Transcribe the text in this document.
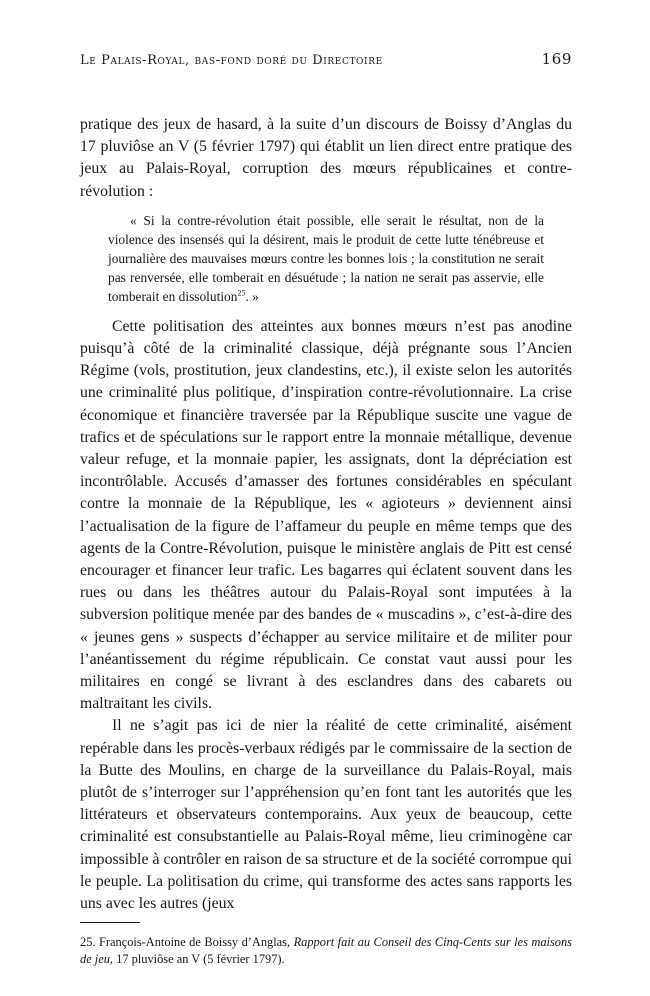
Le Palais-Royal, bas-fond doré du Directoire	169

pratique des jeux de hasard, à la suite d’un discours de Boissy d’Anglas du 17 pluviôse an V (5 février 1797) qui établit un lien direct entre pratique des jeux au Palais-Royal, corruption des mœurs républicaines et contre-révolution :

« Si la contre-révolution était possible, elle serait le résultat, non de la violence des insensés qui la désirent, mais le produit de cette lutte ténébreuse et journalière des mauvaises mœurs contre les bonnes lois ; la constitution ne serait pas renversée, elle tomberait en désuétude ; la nation ne serait pas asservie, elle tomberait en dissolution$^{25}$. »

Cette politisation des atteintes aux bonnes mœurs n’est pas anodine puisqu’à côté de la criminalité classique, déjà prégnante sous l’Ancien Régime (vols, prostitution, jeux clandestins, etc.), il existe selon les autorités une criminalité plus politique, d’inspiration contre-révolutionnaire. La crise économique et financière traversée par la République suscite une vague de trafics et de spéculations sur le rapport entre la monnaie métallique, devenue valeur refuge, et la monnaie papier, les assignats, dont la dépréciation est incontrôlable. Accusés d’amasser des fortunes considérables en spéculant contre la monnaie de la République, les « agioteurs » deviennent ainsi l’actualisation de la figure de l’affameur du peuple en même temps que des agents de la Contre-Révolution, puisque le ministère anglais de Pitt est censé encourager et financer leur trafic. Les bagarres qui éclatent souvent dans les rues ou dans les théâtres autour du Palais-Royal sont imputées à la subversion politique menée par des bandes de « muscadins », c’est-à-dire des « jeunes gens » suspects d’échapper au service militaire et de militer pour l’anéantissement du régime républicain. Ce constat vaut aussi pour les militaires en congé se livrant à des esclandres dans des cabarets ou maltraitant les civils.

Il ne s’agit pas ici de nier la réalité de cette criminalité, aisément repérable dans les procès-verbaux rédigés par le commissaire de la section de la Butte des Moulins, en charge de la surveillance du Palais-Royal, mais plutôt de s’interroger sur l’appréhension qu’en font tant les autorités que les littérateurs et observateurs contemporains. Aux yeux de beaucoup, cette criminalité est consubstantielle au Palais-Royal même, lieu criminogène car impossible à contrôler en raison de sa structure et de la société corrompue qui le peuple. La politisation du crime, qui transforme des actes sans rapports les uns avec les autres (jeux

25. François-Antoine de Boissy d’Anglas, Rapport fait au Conseil des Cinq-Cents sur les maisons de jeu, 17 pluviôse an V (5 février 1797).
